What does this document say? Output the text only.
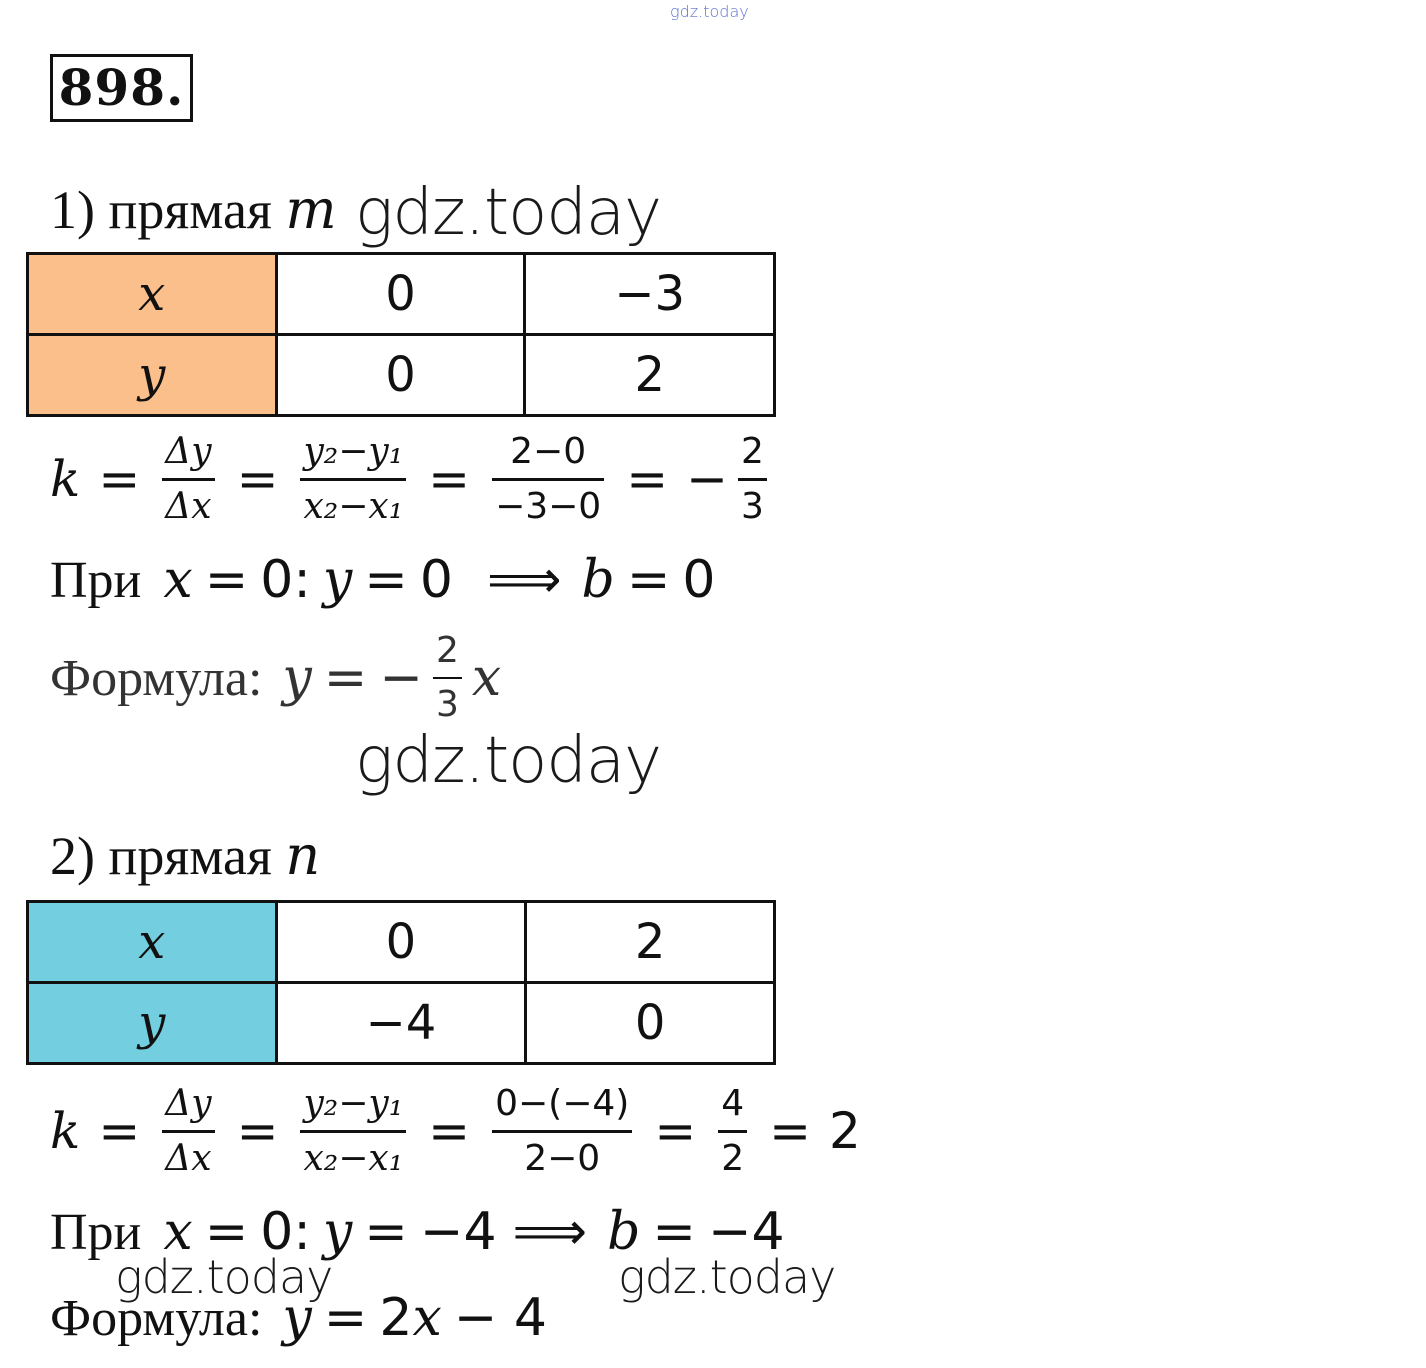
gdz.today
898.
1) прямая m gdz.today
x	0	−3
y	0	2
$k = \frac{\Delta y}{\Delta x} = \frac{\text{y₂−y₁}}{\text{x₂−x₁}} = \frac{2-0}{-3-0}$ = − $\frac{2}{3}$
При x = 0: y = 0 ⟹ b = 0
Формула: y = − $\frac{2}{3}$ x
gdz.today
2) прямая n
x	0	2
y	−4	0
$k = \frac{\Delta y}{\Delta x} = \frac{\text{y₂−y₁}}{\text{x₂−x₁}} = \frac{0-(-4)}{2-0} = \frac{4}{2} = 2$
При x = 0: y = −4 ⟹ b = −4
gdz.today	gdz.today
Формула: y = 2 x − 4
